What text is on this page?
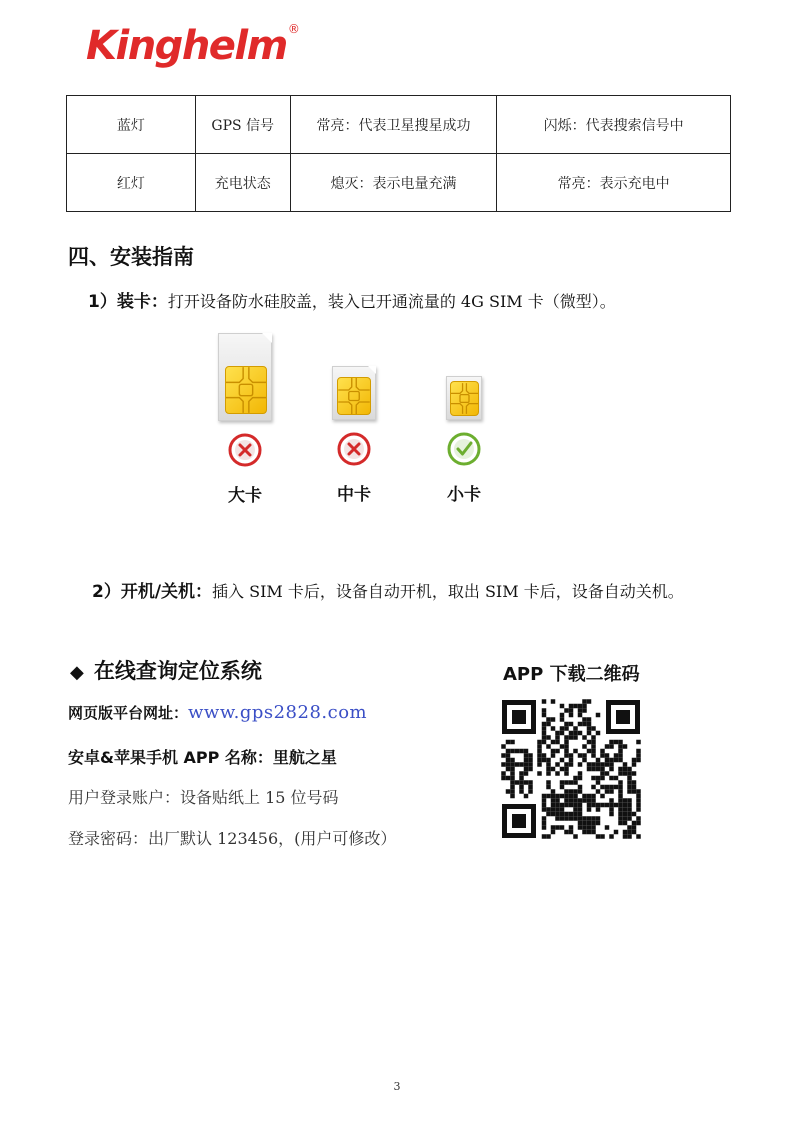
Kinghelm ®
蓝灯	GPS 信号	常亮：代表卫星搜星成功	闪烁：代表搜索信号中
红灯	充电状态	熄灭：表示电量充满	常亮：表示充电中
四、安装指南
1）装卡：打开设备防水硅胶盖，装入已开通流量的 4G SIM 卡（微型）。
大卡	中卡	小卡
2）开机/关机：插入 SIM 卡后，设备自动开机，取出 SIM 卡后，设备自动关机。
◆ 在线查询定位系统	APP 下载二维码
网页版平台网址：www.gps2828.com
安卓&苹果手机 APP 名称：里航之星
用户登录账户：设备贴纸上 15 位号码
登录密码：出厂默认 123456，(用户可修改）
3
